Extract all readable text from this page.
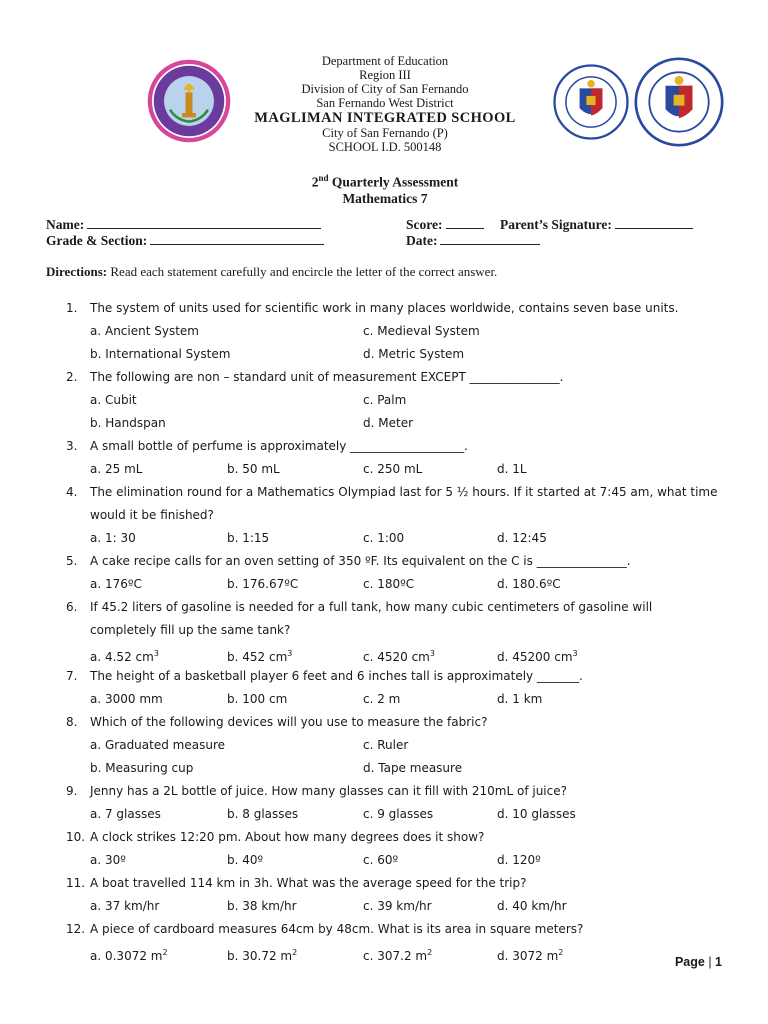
Department of Education
Region III
Division of City of San Fernando
San Fernando West District
MAGLIMAN INTEGRATED SCHOOL
City of San Fernando (P)
SCHOOL I.D. 500148
2nd Quarterly Assessment
Mathematics 7
Name:
Grade & Section:
Score:	Parent’s Signature:
Date:
Directions: Read each statement carefully and encircle the letter of the correct answer.
1.	The system of units used for scientific work in many places worldwide, contains seven base units.
a. Ancient System	c. Medieval System
b. International System	d. Metric System
2.	The following are non – standard unit of measurement EXCEPT _______________.
a. Cubit	c. Palm
b. Handspan	d. Meter
3.	A small bottle of perfume is approximately ___________________.
a. 25 mL	b. 50 mL	c. 250 mL	d. 1L
4.	The elimination round for a Mathematics Olympiad last for 5 ½ hours. If it started at 7:45 am, what time
would it be finished?
a. 1: 30	b. 1:15	c. 1:00	d. 12:45
5.	A cake recipe calls for an oven setting of 350 ºF. Its equivalent on the C is _______________.
a. 176ºC	b. 176.67ºC	c. 180ºC	d. 180.6ºC
6.	If 45.2 liters of gasoline is needed for a full tank, how many cubic centimeters of gasoline will
completely fill up the same tank?
a. 4.52 $cm^3$	b. 452 $cm^3$	c. 4520 $cm^3$	d. 45200 $cm^3$
7.	The height of a basketball player 6 feet and 6 inches tall is approximately _______.
a. 3000 mm	b. 100 cm	c. 2 m	d. 1 km
8.	Which of the following devices will you use to measure the fabric?
a. Graduated measure	c. Ruler
b. Measuring cup	d. Tape measure
9.	Jenny has a 2L bottle of juice. How many glasses can it fill with 210mL of juice?
a. 7 glasses	b. 8 glasses	c. 9 glasses	d. 10 glasses
10. A clock strikes 12:20 pm. About how many degrees does it show?
a. 30º	b. 40º	c. 60º	d. 120º
11. A boat travelled 114 km in 3h. What was the average speed for the trip?
a. 37 km/hr	b. 38 km/hr	c. 39 km/hr	d. 40 km/hr
12. A piece of cardboard measures 64cm by 48cm. What is its area in square meters?
a. 0.3072 $m^2$	b. 30.72 $m^2$	c. 307.2 $m^2$	d. 3072 $m^2$
Page | 1
